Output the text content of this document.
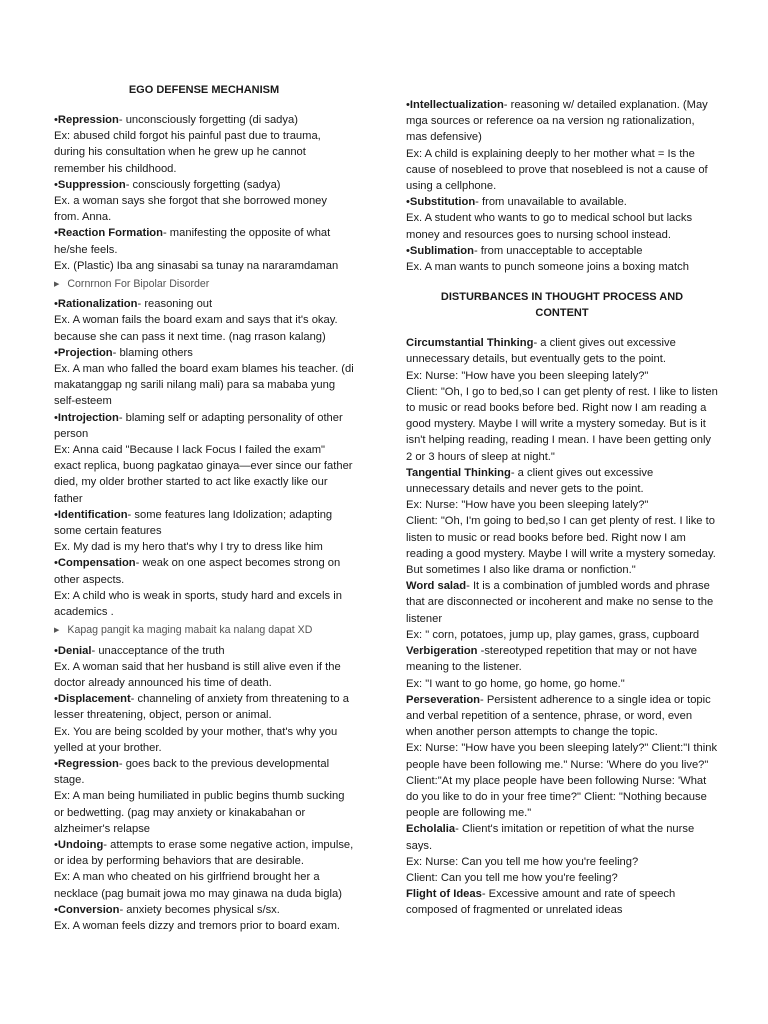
EGO DEFENSE MECHANISM

•Repression- unconsciously forgetting (di sadya)

Ex: abused child forgot his painful past due to trauma, during his consultation when he grew up he cannot remember his childhood.

•Suppression- consciously forgetting (sadya)

Ex. a woman says she forgot that she borrowed money from. Anna.

•Reaction Formation- manifesting the opposite of what he/she feels.

Ex. (Plastic) Iba ang sinasabi sa tunay na nararamdaman

▶ Cornrnon For Bipolar Disorder

•Rationalization- reasoning out

Ex. A woman fails the board exam and says that it's okay. because she can pass it next time. (nag rrason kalang)

•Projection- blaming others

Ex. A man who falled the board exam blames his teacher. (di makatanggap ng sarili nilang mali) para sa mababa yung self-esteem

•Introjection- blaming self or adapting personality of other person

Ex: Anna caid "Because I lack Focus I failed the exam" exact replica, buong pagkatao ginaya—ever since our father died, my older brother started to act like exactly like our father

•Identification- some features lang Idolization; adapting some certain features

Ex. My dad is my hero that's why I try to dress like him

•Compensation- weak on one aspect becomes strong on other aspects.

Ex: A child who is weak in sports, study hard and excels in academics .

▶ Kapag pangit ka maging mabait ka nalang dapat XD

•Denial- unacceptance of the truth

Ex. A woman said that her husband is still alive even if the doctor already announced his time of death.

•Displacement- channeling of anxiety from threatening to a lesser threatening, object, person or animal.

Ex. You are being scolded by your mother, that's why you yelled at your brother.

•Regression- goes back to the previous developmental stage.

Ex: A man being humiliated in public begins thumb sucking or bedwetting. (pag may anxiety or kinakabahan or alzheimer's relapse

•Undoing- attempts to erase some negative action, impulse, or idea by performing behaviors that are desirable.

Ex: A man who cheated on his girlfriend brought her a necklace (pag bumait jowa mo may ginawa na duda bigla)

•Conversion- anxiety becomes physical s/sx.

Ex. A woman feels dizzy and tremors prior to board exam.

•Intellectualization- reasoning w/ detailed explanation. (May mga sources or reference oa na version ng rationalization, mas defensive)

Ex: A child is explaining deeply to her mother what = Is the cause of nosebleed to prove that nosebleed is not a cause of using a cellphone.

•Substitution- from unavailable to available.

Ex. A student who wants to go to medical school but lacks money and resources goes to nursing school instead.

•Sublimation- from unacceptable to acceptable

Ex. A man wants to punch someone joins a boxing match

DISTURBANCES IN THOUGHT PROCESS AND CONTENT

Circumstantial Thinking- a client gives out excessive unnecessary details, but eventually gets to the point.

Ex: Nurse: "How have you been sleeping lately?"

Client: "Oh, I go to bed,so I can get plenty of rest. I like to listen to music or read books before bed. Right now I am reading a good mystery. Maybe I will write a mystery someday. But is it isn't helping reading, reading I mean. I have been getting only 2 or 3 hours of sleep at night."

Tangential Thinking- a client gives out excessive unnecessary details and never gets to the point.

Ex: Nurse: "How have you been sleeping lately?"

Client: "Oh, I'm going to bed,so I can get plenty of rest. I like to listen to music or read books before bed. Right now I am reading a good mystery. Maybe I will write a mystery someday. But sometimes I also like drama or nonfiction."

Word salad- It is a combination of jumbled words and phrase that are disconnected or incoherent and make no sense to the listener

Ex: " corn, potatoes, jump up, play games, grass, cupboard

Verbigeration -stereotyped repetition that may or not have meaning to the listener.

Ex: "I want to go home, go home, go home."

Perseveration- Persistent adherence to a single idea or topic and verbal repetition of a sentence, phrase, or word, even when another person attempts to change the topic.

Ex: Nurse: "How have you been sleeping lately?" Client:"I think people have been following me." Nurse: 'Where do you live?"

Client:"At my place people have been following Nurse: 'What do you like to do in your free time?" Client: "Nothing because people are following me."

Echolalia- Client's imitation or repetition of what the nurse says.

Ex: Nurse: Can you tell me how you're feeling?

Client: Can you tell me how you're feeling?

Flight of Ideas- Excessive amount and rate of speech composed of fragmented or unrelated ideas
